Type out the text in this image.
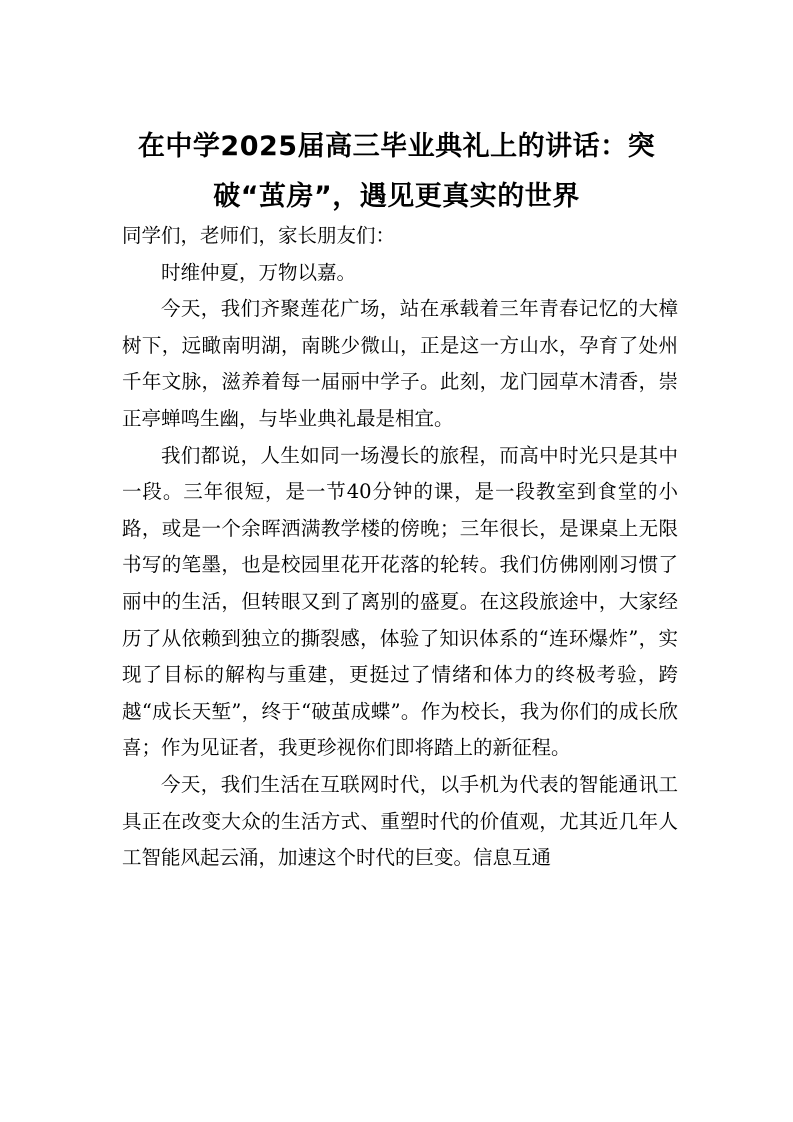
在中学2025届高三毕业典礼上的讲话：突破“茧房”，遇见更真实的世界

同学们，老师们，家长朋友们：

时维仲夏，万物以嘉。

今天，我们齐聚莲花广场，站在承载着三年青春记忆的大樟树下，远瞰南明湖，南眺少微山，正是这一方山水，孕育了处州千年文脉，滋养着每一届丽中学子。此刻，龙门园草木清香，崇正亭蝉鸣生幽，与毕业典礼最是相宜。

我们都说，人生如同一场漫长的旅程，而高中时光只是其中一段。三年很短，是一节40分钟的课，是一段教室到食堂的小路，或是一个余晖洒满教学楼的傍晚；三年很长，是课桌上无限书写的笔墨，也是校园里花开花落的轮转。我们仿佛刚刚习惯了丽中的生活，但转眼又到了离别的盛夏。在这段旅途中，大家经历了从依赖到独立的撕裂感，体验了知识体系的“连环爆炸”，实现了目标的解构与重建，更挺过了情绪和体力的终极考验，跨越“成长天堑”，终于“破茧成蝶”。作为校长，我为你们的成长欣喜；作为见证者，我更珍视你们即将踏上的新征程。

今天，我们生活在互联网时代，以手机为代表的智能通讯工具正在改变大众的生活方式、重塑时代的价值观，尤其近几年人工智能风起云涌，加速这个时代的巨变。信息互通
